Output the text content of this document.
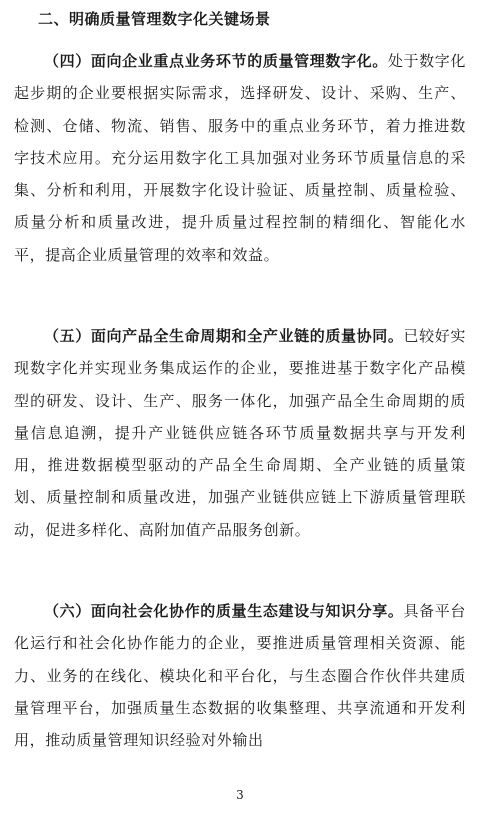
二、明确质量管理数字化关键场景

（四）面向企业重点业务环节的质量管理数字化。处于数字化起步期的企业要根据实际需求，选择研发、设计、采购、生产、检测、仓储、物流、销售、服务中的重点业务环节，着力推进数字技术应用。充分运用数字化工具加强对业务环节质量信息的采集、分析和利用，开展数字化设计验证、质量控制、质量检验、质量分析和质量改进，提升质量过程控制的精细化、智能化水平，提高企业质量管理的效率和效益。

（五）面向产品全生命周期和全产业链的质量协同。已较好实现数字化并实现业务集成运作的企业，要推进基于数字化产品模型的研发、设计、生产、服务一体化，加强产品全生命周期的质量信息追溯，提升产业链供应链各环节质量数据共享与开发利用，推进数据模型驱动的产品全生命周期、全产业链的质量策划、质量控制和质量改进，加强产业链供应链上下游质量管理联动，促进多样化、高附加值产品服务创新。

（六）面向社会化协作的质量生态建设与知识分享。具备平台化运行和社会化协作能力的企业，要推进质量管理相关资源、能力、业务的在线化、模块化和平台化，与生态圈合作伙伴共建质量管理平台，加强质量生态数据的收集整理、共享流通和开发利用，推动质量管理知识经验对外输出

3
